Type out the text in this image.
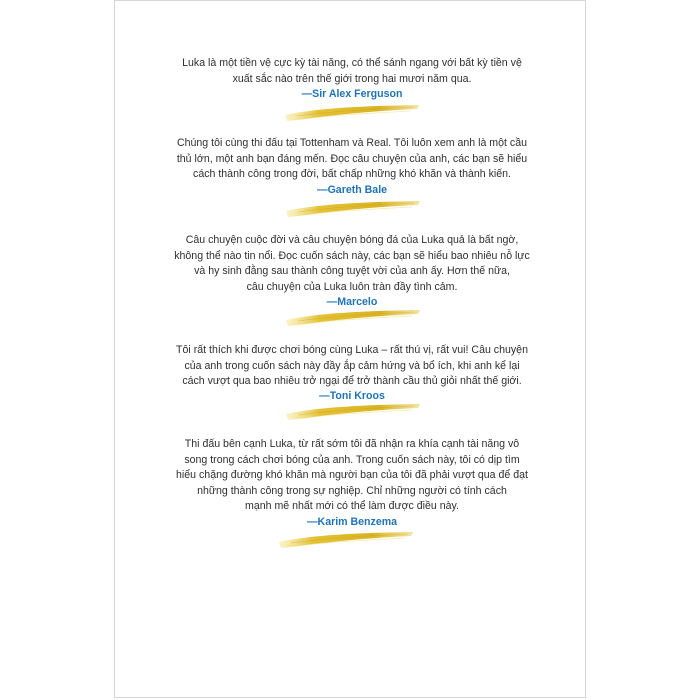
Luka là một tiền vệ cực kỳ tài năng, có thể sánh ngang với bất kỳ tiền vệ
xuất sắc nào trên thế giới trong hai mươi năm qua.

—Sir Alex Ferguson

Chúng tôi cùng thi đấu tại Tottenham và Real. Tôi luôn xem anh là một cầu
thủ lớn, một anh bạn đáng mến. Đọc câu chuyện của anh, các bạn sẽ hiểu
cách thành công trong đời, bất chấp những khó khăn và thành kiến.

—Gareth Bale

Câu chuyện cuộc đời và câu chuyện bóng đá của Luka quả là bất ngờ,
không thể nào tin nổi. Đọc cuốn sách này, các bạn sẽ hiểu bao nhiêu nỗ lực
và hy sinh đằng sau thành công tuyệt vời của anh ấy. Hơn thế nữa,
câu chuyện của Luka luôn tràn đầy tình cảm.

—Marcelo

Tôi rất thích khi được chơi bóng cùng Luka – rất thú vị, rất vui! Câu chuyện
của anh trong cuốn sách này đầy ắp cảm hứng và bổ ích, khi anh kể lại
cách vượt qua bao nhiêu trở ngại để trở thành cầu thủ giỏi nhất thế giới.

—Toni Kroos

Thi đấu bên cạnh Luka, từ rất sớm tôi đã nhận ra khía cạnh tài năng vô
song trong cách chơi bóng của anh. Trong cuốn sách này, tôi có dịp tìm
hiểu chặng đường khó khăn mà người bạn của tôi đã phải vượt qua để đạt
những thành công trong sự nghiệp. Chỉ những người có tính cách
mạnh mẽ nhất mới có thể làm được điều này.

—Karim Benzema
